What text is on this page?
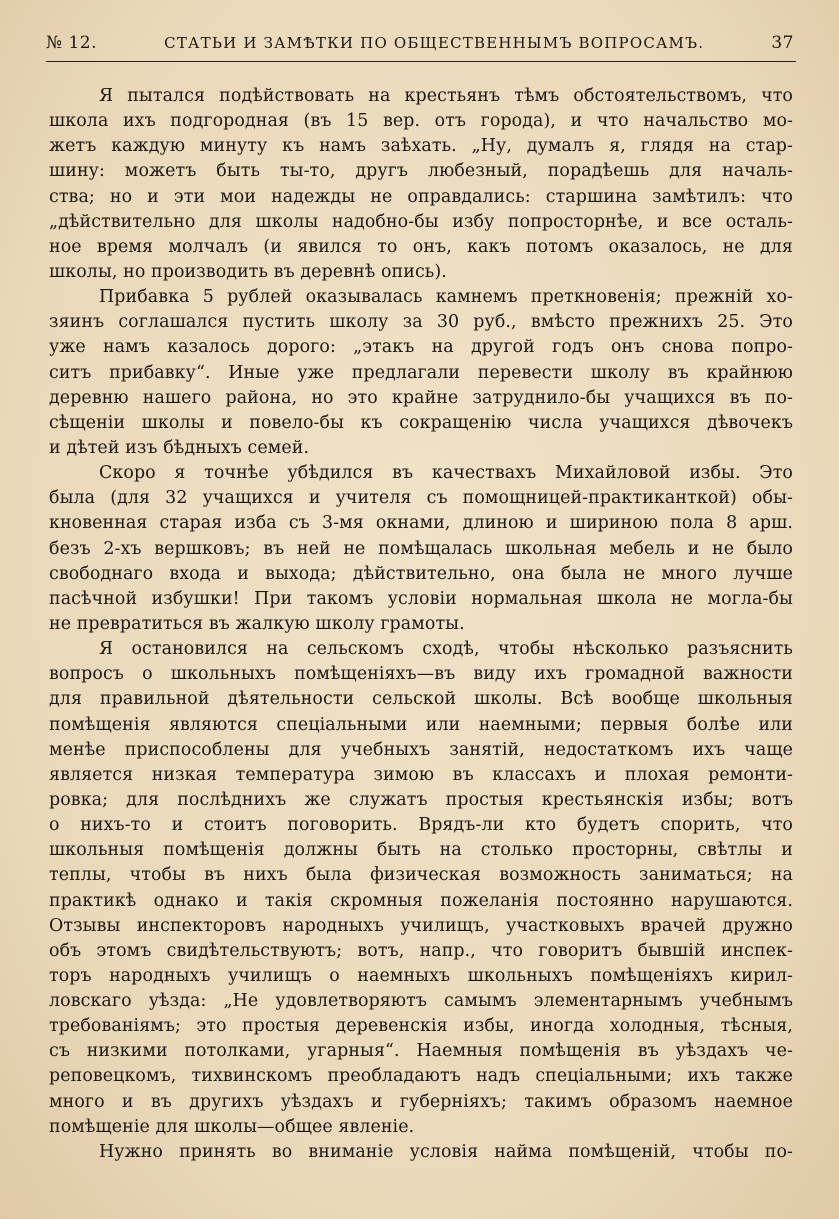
№ 12.	СТАТЬИ И ЗАМѢТКИ ПО ОБЩЕСТВЕННЫМЪ ВОПРОСАМЪ.	37
Я пытался подѣйствовать на крестьянъ тѣмъ обстоятельствомъ, что
школа ихъ подгородная (въ 15 вер. отъ города), и что начальство мо-
жетъ каждую минуту къ намъ заѣхать. „Ну, думалъ я, глядя на стар-
шину: можетъ быть ты-то, другъ любезный, порадѣешь для началь-
ства; но и эти мои надежды не оправдались: старшина замѣтилъ: что
„дѣйствительно для школы надобно-бы избу попросторнѣе, и все осталь-
ное время молчалъ (и явился то онъ, какъ потомъ оказалось, не для
школы, но производить въ деревнѣ опись).
Прибавка 5 рублей оказывалась камнемъ преткновенія; прежній хо-
зяинъ соглашался пустить школу за 30 руб., вмѣсто прежнихъ 25. Это
уже намъ казалось дорого: „этакъ на другой годъ онъ снова попро-
ситъ прибавку“. Иные уже предлагали перевести школу въ крайнюю
деревню нашего района, но это крайне затруднило-бы учащихся въ по-
сѣщеніи школы и повело-бы къ сокращенію числа учащихся дѣвочекъ
и дѣтей изъ бѣдныхъ семей.
Скоро я точнѣе убѣдился въ качествахъ Михайловой избы. Это
была (для 32 учащихся и учителя съ помощницей-практиканткой) обы-
кновенная старая изба съ 3-мя окнами, длиною и шириною пола 8 арш.
безъ 2-хъ вершковъ; въ ней не помѣщалась школьная мебель и не было
свободнаго входа и выхода; дѣйствительно, она была не много лучше
пасѣчной избушки! При такомъ условіи нормальная школа не могла-бы
не превратиться въ жалкую школу грамоты.
Я остановился на сельскомъ сходѣ, чтобы нѣсколько разъяснить
вопросъ о школьныхъ помѣщеніяхъ—въ виду ихъ громадной важности
для правильной дѣятельности сельской школы. Всѣ вообще школьныя
помѣщенія являются спеціальными или наемными; первыя болѣе или
менѣе приспособлены для учебныхъ занятій, недостаткомъ ихъ чаще
является низкая температура зимою въ классахъ и плохая ремонти-
ровка; для послѣднихъ же служатъ простыя крестьянскія избы; вотъ
о нихъ-то и стоитъ поговорить. Врядъ-ли кто будетъ спорить, что
школьныя помѣщенія должны быть на столько просторны, свѣтлы и
теплы, чтобы въ нихъ была физическая возможность заниматься; на
практикѣ однако и такія скромныя пожеланія постоянно нарушаются.
Отзывы инспекторовъ народныхъ училищъ, участковыхъ врачей дружно
объ этомъ свидѣтельствуютъ; вотъ, напр., что говоритъ бывшій инспек-
торъ народныхъ училищъ о наемныхъ школьныхъ помѣщеніяхъ кирил-
ловскаго уѣзда: „Не удовлетворяютъ самымъ элементарнымъ учебнымъ
требованіямъ; это простыя деревенскія избы, иногда холодныя, тѣсныя,
съ низкими потолками, угарныя“. Наемныя помѣщенія въ уѣздахъ че-
реповецкомъ, тихвинскомъ преобладаютъ надъ спеціальными; ихъ также
много и въ другихъ уѣздахъ и губерніяхъ; такимъ образомъ наемное
помѣщеніе для школы—общее явленіе.
Нужно принять во вниманіе условія найма помѣщеній, чтобы по-
